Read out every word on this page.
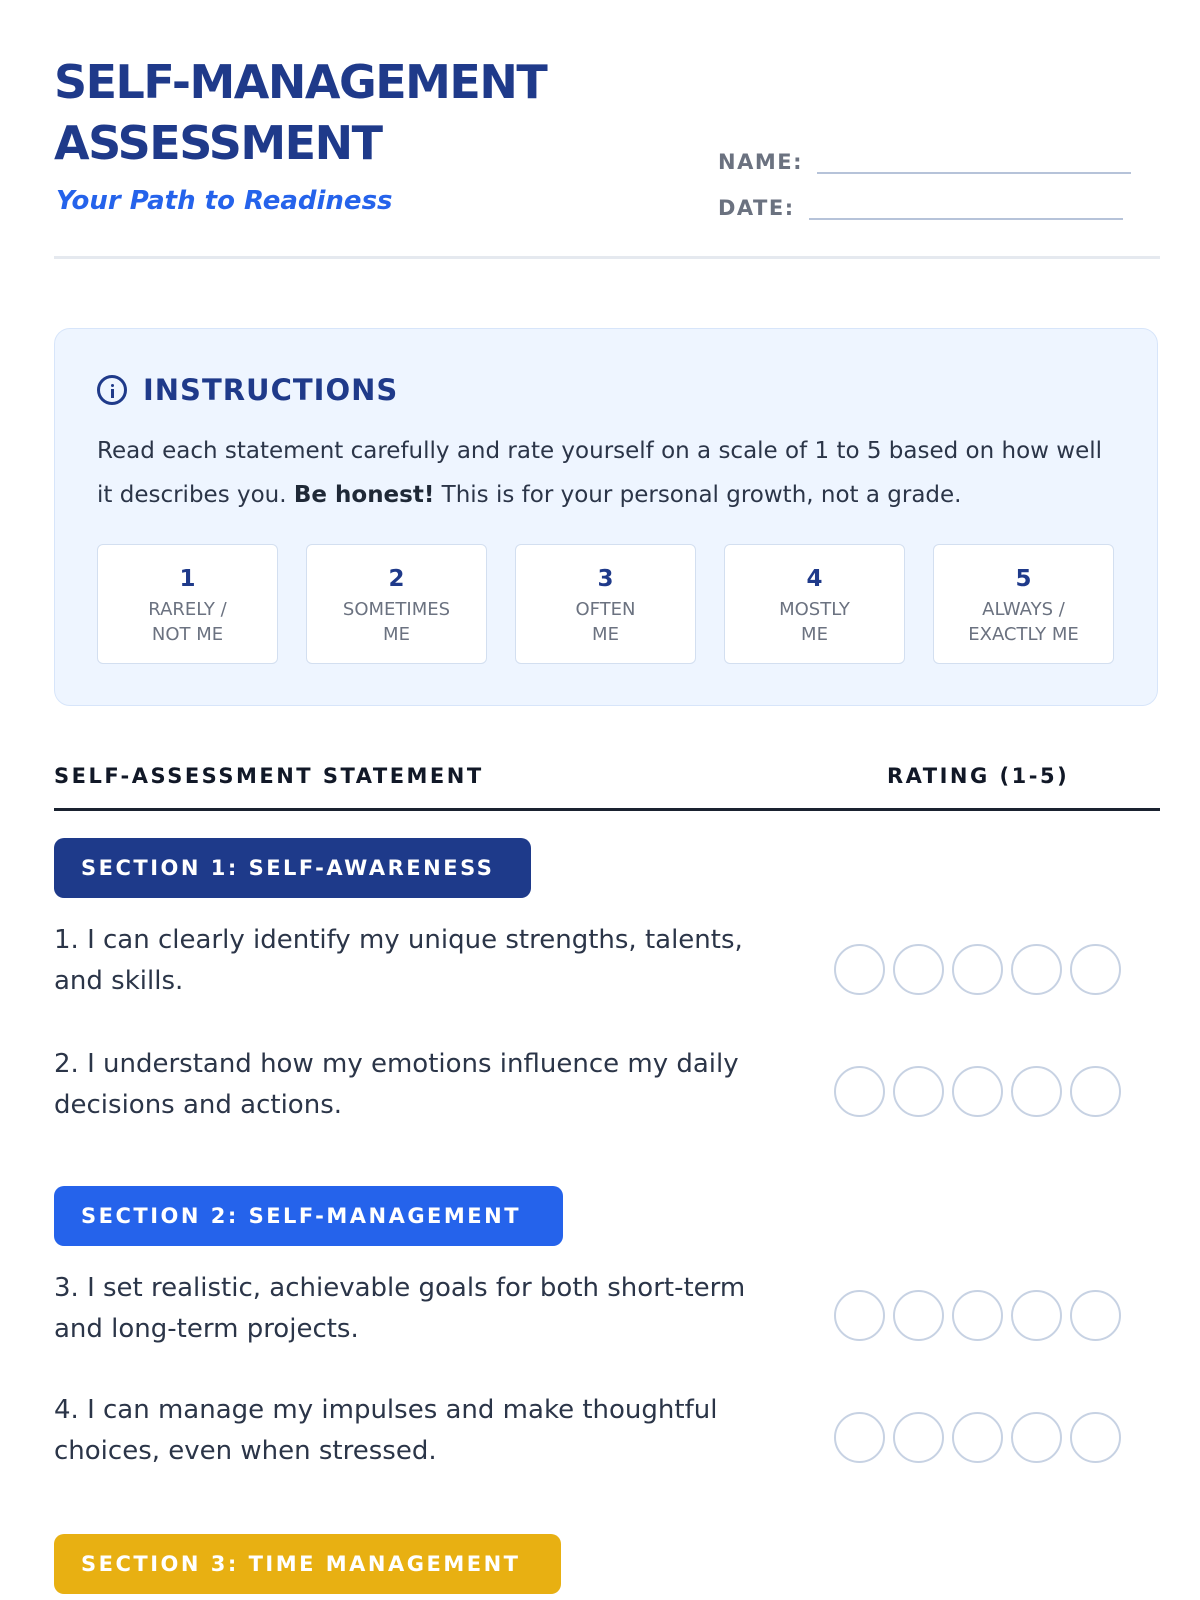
SELF-MANAGEMENT ASSESSMENT

Your Path to Readiness

NAME:
DATE:
INSTRUCTIONS

Read each statement carefully and rate yourself on a scale of 1 to 5 based on how well it describes you. Be honest! This is for your personal growth, not a grade.

1
RARELY /
NOT ME
2
SOMETIMES
ME
3
OFTEN
ME
4
MOSTLY
ME
5
ALWAYS /
EXACTLY ME
SELF-ASSESSMENT STATEMENT	RATING (1-5)
SECTION 1: SELF-AWARENESS

1. I can clearly identify my unique strengths, talents, and skills.

2. I understand how my emotions influence my daily decisions and actions.

SECTION 2: SELF-MANAGEMENT

3. I set realistic, achievable goals for both short-term and long-term projects.

4. I can manage my impulses and make thoughtful choices, even when stressed.

SECTION 3: TIME MANAGEMENT
